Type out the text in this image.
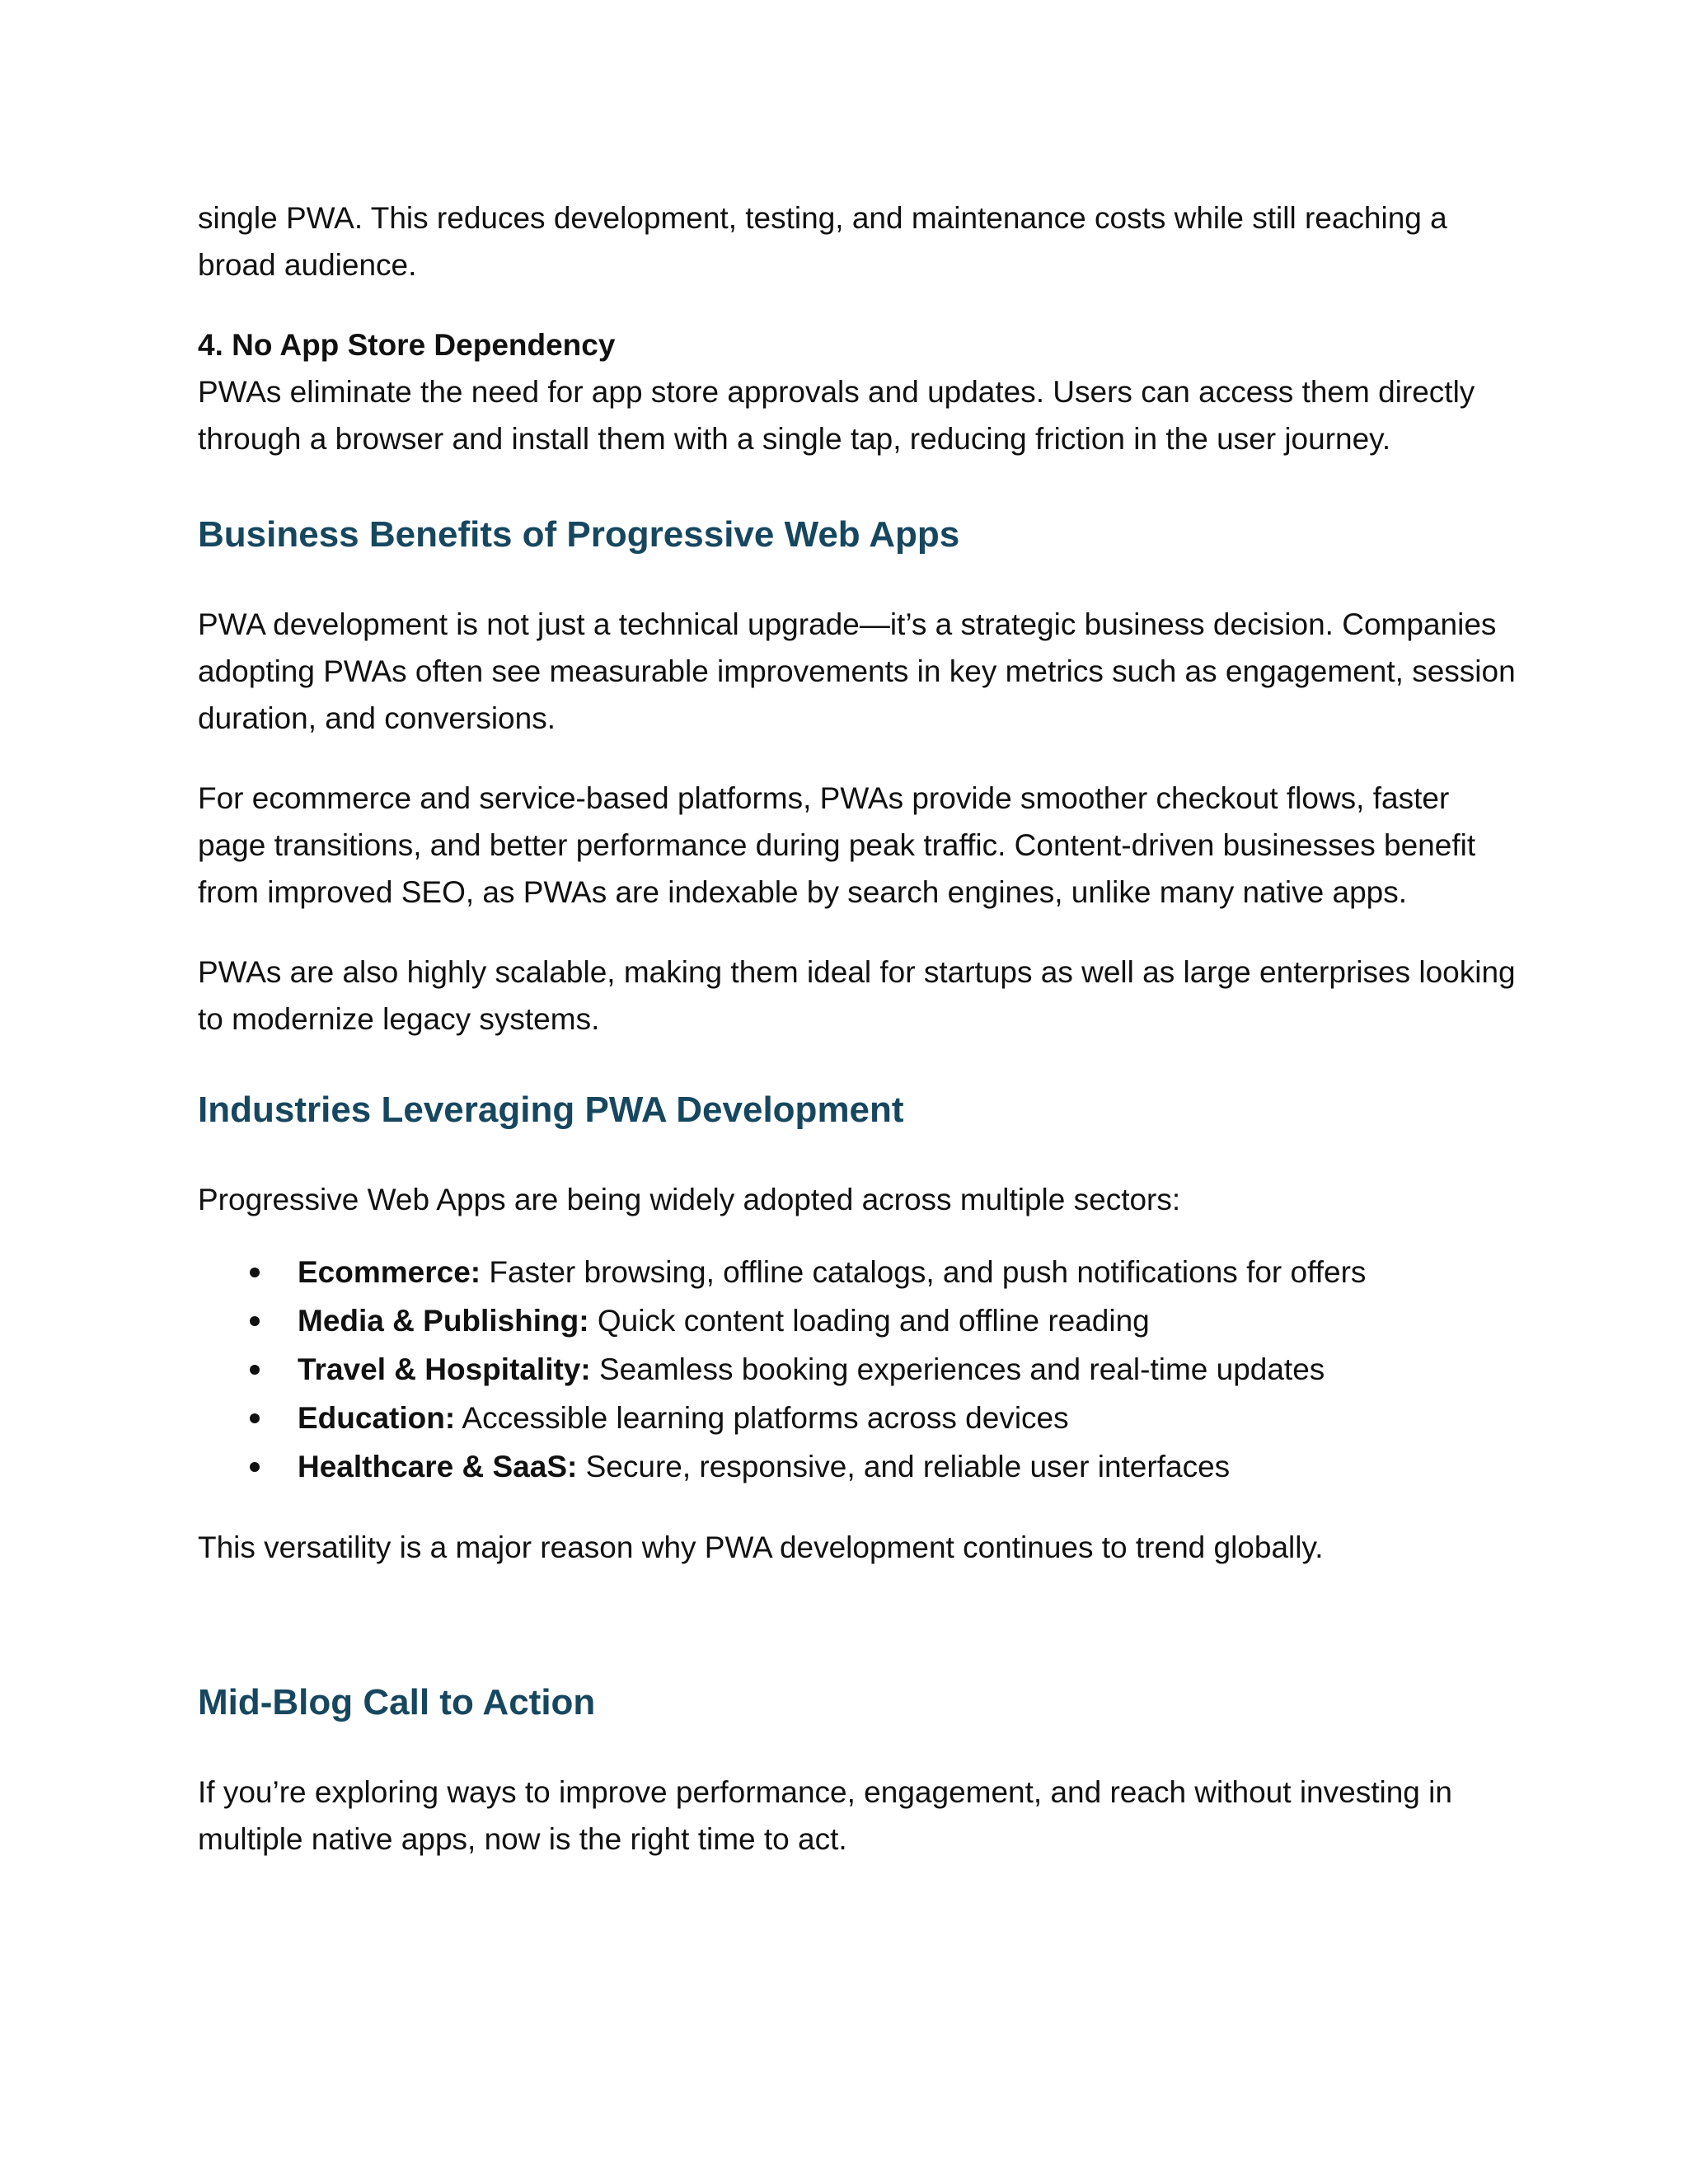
single PWA. This reduces development, testing, and maintenance costs while still reaching a broad audience.

4. No App Store Dependency

PWAs eliminate the need for app store approvals and updates. Users can access them directly through a browser and install them with a single tap, reducing friction in the user journey.

Business Benefits of Progressive Web Apps

PWA development is not just a technical upgrade—it’s a strategic business decision. Companies adopting PWAs often see measurable improvements in key metrics such as engagement, session duration, and conversions.

For ecommerce and service-based platforms, PWAs provide smoother checkout flows, faster page transitions, and better performance during peak traffic. Content-driven businesses benefit from improved SEO, as PWAs are indexable by search engines, unlike many native apps.

PWAs are also highly scalable, making them ideal for startups as well as large enterprises looking to modernize legacy systems.

Industries Leveraging PWA Development

Progressive Web Apps are being widely adopted across multiple sectors:

Ecommerce: Faster browsing, offline catalogs, and push notifications for offers
Media & Publishing: Quick content loading and offline reading
Travel & Hospitality: Seamless booking experiences and real-time updates
Education: Accessible learning platforms across devices
Healthcare & SaaS: Secure, responsive, and reliable user interfaces

This versatility is a major reason why PWA development continues to trend globally.

Mid-Blog Call to Action

If you’re exploring ways to improve performance, engagement, and reach without investing in multiple native apps, now is the right time to act.
